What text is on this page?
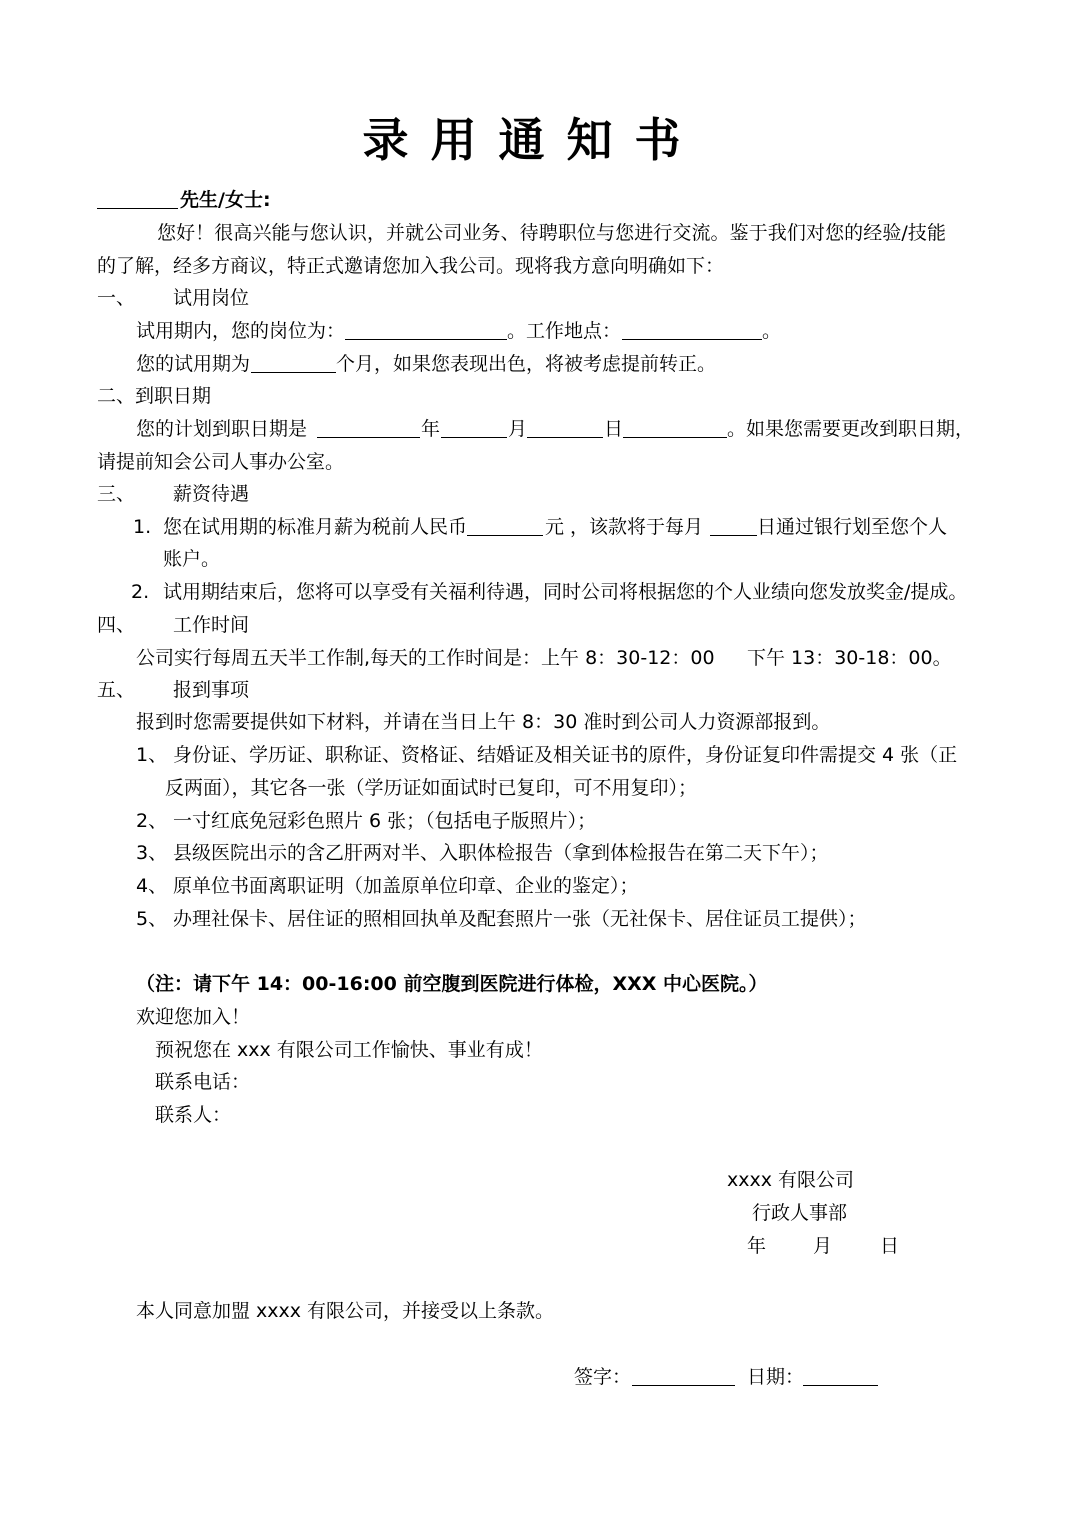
录 用 通 知 书
先生/女士:
您好！很高兴能与您认识，并就公司业务、待聘职位与您进行交流。鉴于我们对您的经验/技能
的了解，经多方商议，特正式邀请您加入我公司。现将我方意向明确如下：
一、 试用岗位
试用期内，您的岗位为：	。工作地点：	。
您的试用期为	个月，如果您表现出色，将被考虑提前转正。
二、到职日期
您的计划到职日期是	年	月	日	。如果您需要更改到职日期，
请提前知会公司人事办公室。
三、 薪资待遇
1. 您在试用期的标准月薪为税前人民币	元 ，该款将于每月	日通过银行划至您个人
账户。
2. 试用期结束后，您将可以享受有关福利待遇，同时公司将根据您的个人业绩向您发放奖金/提成。
四、 工作时间
公司实行每周五天半工作制,每天的工作时间是：上午 8：30-12：00 下午 13：30-18：00。
五、 报到事项
报到时您需要提供如下材料，并请在当日上午 8：30 准时到公司人力资源部报到。
1、 身份证、学历证、职称证、资格证、结婚证及相关证书的原件，身份证复印件需提交 4 张（正
反两面），其它各一张（学历证如面试时已复印，可不用复印）；
2、 一寸红底免冠彩色照片 6 张；（包括电子版照片）；
3、 县级医院出示的含乙肝两对半、入职体检报告（拿到体检报告在第二天下午）；
4、 原单位书面离职证明（加盖原单位印章、企业的鉴定）；
5、 办理社保卡、居住证的照相回执单及配套照片一张（无社保卡、居住证员工提供）；
（注：请下午 14：00-16:00 前空腹到医院进行体检，XXX 中心医院。）
欢迎您加入！
预祝您在 xxx 有限公司工作愉快、事业有成！
联系电话：
联系人：
xxxx 有限公司
行政人事部
年 月	日
本人同意加盟 xxxx 有限公司，并接受以上条款。
签字：	日期：
